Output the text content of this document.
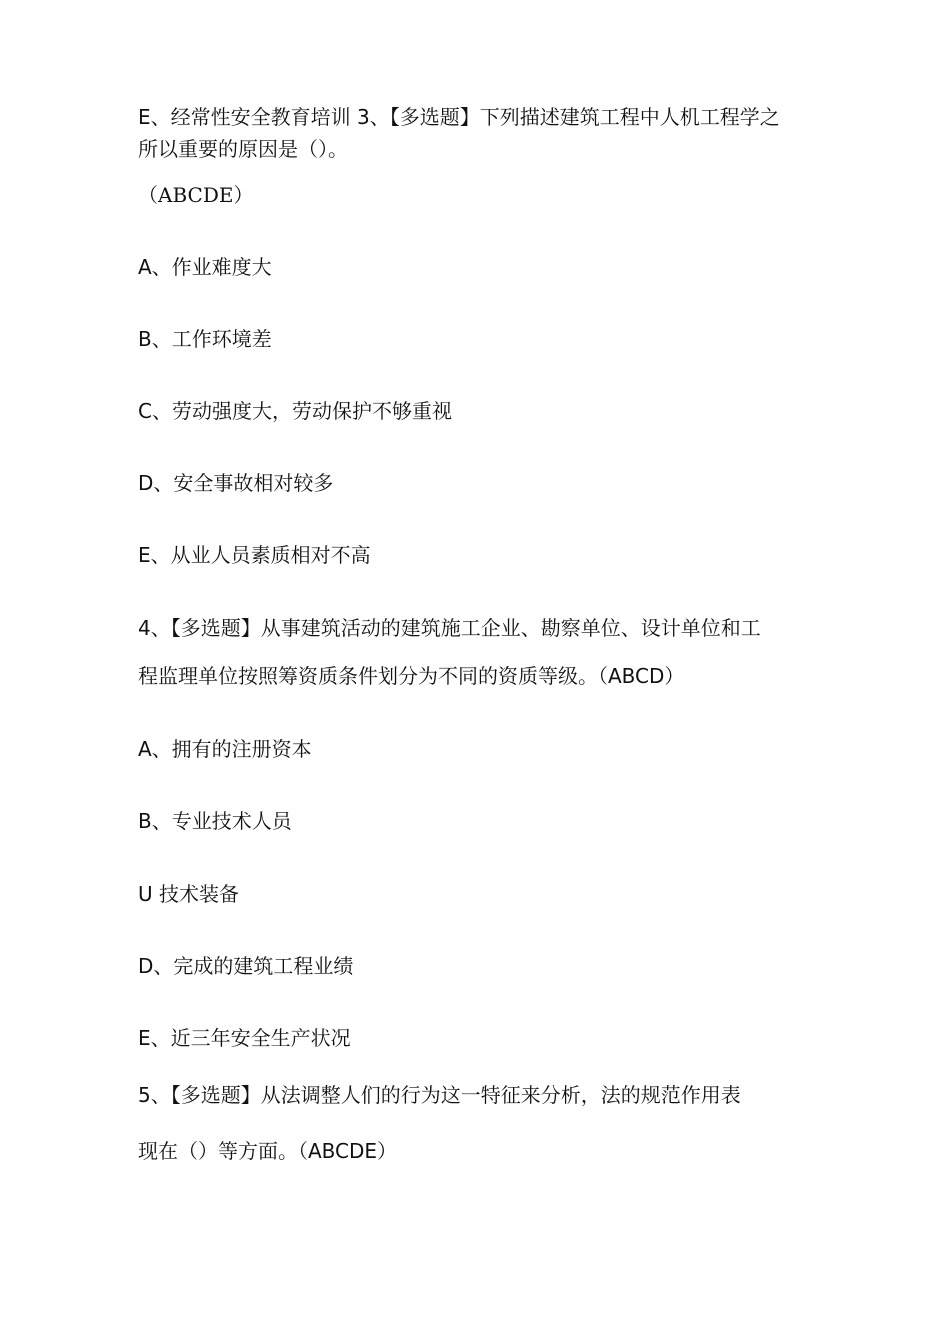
E、经常性安全教育培训 3、【多选题】下列描述建筑工程中人机工程学之
所以重要的原因是（）。
（ABCDE）
A、作业难度大
B、工作环境差
C、劳动强度大，劳动保护不够重视
D、安全事故相对较多
E、从业人员素质相对不高
4、【多选题】从事建筑活动的建筑施工企业、勘察单位、设计单位和工
程监理单位按照筹资质条件划分为不同的资质等级。（ABCD）
A、拥有的注册资本
B、专业技术人员
U 技术装备
D、完成的建筑工程业绩
E、近三年安全生产状况
5、【多选题】从法调整人们的行为这一特征来分析，法的规范作用表
现在（）等方面。（ABCDE）
